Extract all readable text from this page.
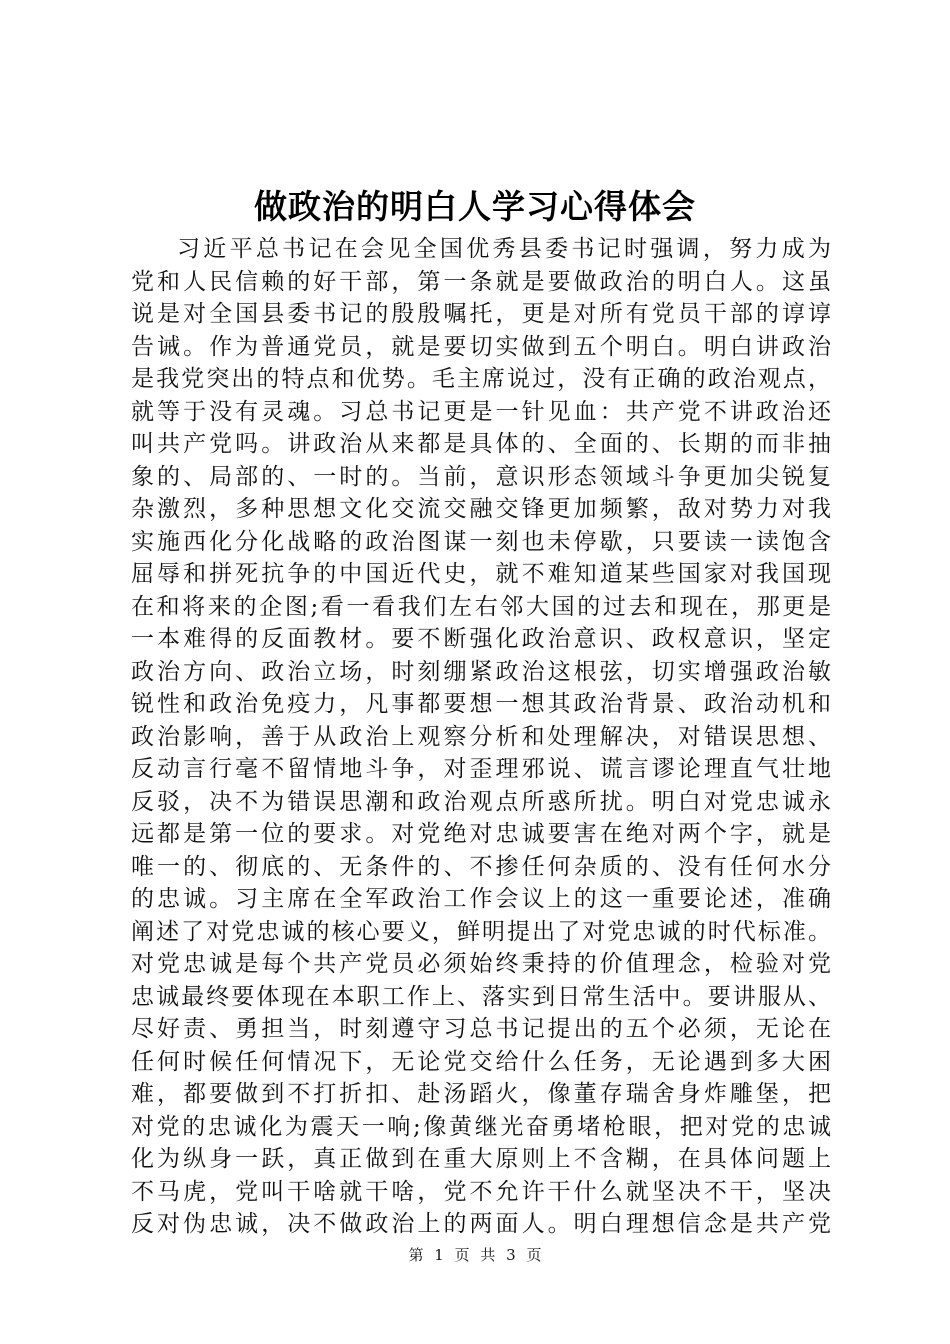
做政治的明白人学习心得体会
习近平总书记在会见全国优秀县委书记时强调，努力成为
党和人民信赖的好干部，第一条就是要做政治的明白人。这虽
说是对全国县委书记的殷殷嘱托，更是对所有党员干部的谆谆
告诫。作为普通党员，就是要切实做到五个明白。明白讲政治
是我党突出的特点和优势。毛主席说过，没有正确的政治观点，
就等于没有灵魂。习总书记更是一针见血：共产党不讲政治还
叫共产党吗。讲政治从来都是具体的、全面的、长期的而非抽
象的、局部的、一时的。当前，意识形态领域斗争更加尖锐复
杂激烈，多种思想文化交流交融交锋更加频繁，敌对势力对我
实施西化分化战略的政治图谋一刻也未停歇，只要读一读饱含
屈辱和拼死抗争的中国近代史，就不难知道某些国家对我国现
在和将来的企图;看一看我们左右邻大国的过去和现在，那更是
一本难得的反面教材。要不断强化政治意识、政权意识，坚定
政治方向、政治立场，时刻绷紧政治这根弦，切实增强政治敏
锐性和政治免疫力，凡事都要想一想其政治背景、政治动机和
政治影响，善于从政治上观察分析和处理解决，对错误思想、
反动言行毫不留情地斗争，对歪理邪说、谎言谬论理直气壮地
反驳，决不为错误思潮和政治观点所惑所扰。明白对党忠诚永
远都是第一位的要求。对党绝对忠诚要害在绝对两个字，就是
唯一的、彻底的、无条件的、不掺任何杂质的、没有任何水分
的忠诚。习主席在全军政治工作会议上的这一重要论述，准确
阐述了对党忠诚的核心要义，鲜明提出了对党忠诚的时代标准。
对党忠诚是每个共产党员必须始终秉持的价值理念，检验对党
忠诚最终要体现在本职工作上、落实到日常生活中。要讲服从、
尽好责、勇担当，时刻遵守习总书记提出的五个必须，无论在
任何时候任何情况下，无论党交给什么任务，无论遇到多大困
难，都要做到不打折扣、赴汤蹈火，像董存瑞舍身炸雕堡，把
对党的忠诚化为震天一响;像黄继光奋勇堵枪眼，把对党的忠诚
化为纵身一跃，真正做到在重大原则上不含糊，在具体问题上
不马虎，党叫干啥就干啥，党不允许干什么就坚决不干，坚决
反对伪忠诚，决不做政治上的两面人。明白理想信念是共产党
第 1 页 共 3 页
